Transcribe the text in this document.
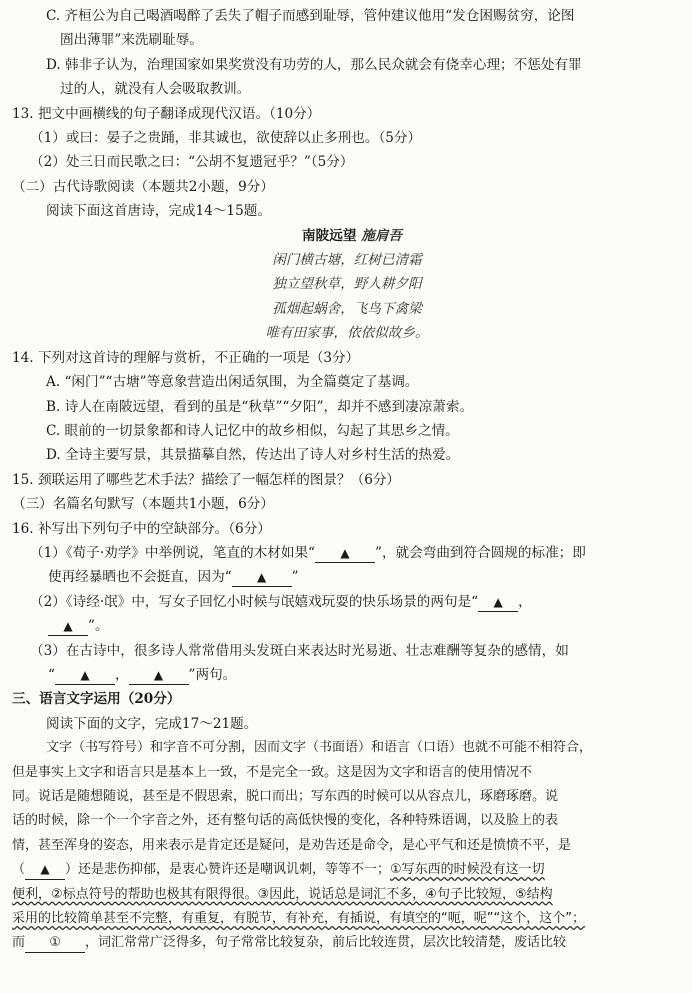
C. 齐桓公为自己喝酒喝醉了丢失了帽子而感到耻辱，管仲建议他用“发仓困赐贫穷，论图
圄出薄罪”来洗刷耻辱。
D. 韩非子认为，治理国家如果奖赏没有功劳的人，那么民众就会有侥幸心理；不惩处有罪
过的人，就没有人会吸取教训。
13. 把文中画横线的句子翻译成现代汉语。（10分）
（1）或曰：晏子之贵踊，非其诚也，欲使辞以止多刑也。（5分）
（2）处三日而民歌之曰：“公胡不复遗冠乎？”（5分）
（二）古代诗歌阅读（本题共2小题，9分）
阅读下面这首唐诗，完成14～15题。
南陂远望 施肩吾
闲门横古塘，红树已清霜
独立望秋草，野人耕夕阳
孤烟起蜗舍，飞鸟下禽梁
唯有田家事，依依似故乡。
14. 下列对这首诗的理解与赏析，不正确的一项是（3分）
A. “闲门”“古塘”等意象营造出闲适氛围，为全篇奠定了基调。
B. 诗人在南陂远望，看到的虽是“秋草”“夕阳”，却并不感到凄凉萧索。
C. 眼前的一切景象都和诗人记忆中的故乡相似，勾起了其思乡之情。
D. 全诗主要写景，其景描摹自然，传达出了诗人对乡村生活的热爱。
15. 颈联运用了哪些艺术手法？描绘了一幅怎样的图景？（6分）
（三）名篇名句默写（本题共1小题，6分）
16. 补写出下列句子中的空缺部分。（6分）
（1）《荀子·劝学》中举例说，笔直的木材如果“ ▲ ”，就会弯曲到符合圆规的标准；即
使再经暴晒也不会挺直，因为“ ▲ ”
（2）《诗经·氓》中，写女子回忆小时候与氓嬉戏玩耍的快乐场景的两句是“ ▲ ，
▲ ”。
（3）在古诗中，很多诗人常常借用头发斑白来表达时光易逝、壮志难酬等复杂的感情，如
“ ▲ ， ▲ ”两句。
三、语言文字运用（20分）
阅读下面的文字，完成17～21题。
文字（书写符号）和字音不可分割，因而文字（书面语）和语言（口语）也就不可能不相符合，
但是事实上文字和语言只是基本上一致，不是完全一致。这是因为文字和语言的使用情况不
同。说话是随想随说，甚至是不假思索，脱口而出；写东西的时候可以从容点儿，琢磨琢磨。说
话的时候，除一个一个字音之外，还有整句话的高低快慢的变化，各种特殊语调，以及脸上的表
情，甚至浑身的姿态，用来表示是肯定还是疑问，是劝告还是命令，是心平气和还是愤愤不平，是
（ ▲ ）还是悲伤抑郁，是衷心赞许还是嘲讽讥刺，等等不一；①写东西的时候没有这一切
便利，②标点符号的帮助也极其有限得很。③因此，说话总是词汇不多，④句子比较短，⑤结构
采用的比较简单甚至不完整，有重复，有脱节，有补充，有插说，有填空的“呃，呢”“这个，这个”；
而 ① ，词汇常常广泛得多，句子常常比较复杂，前后比较连贯，层次比较清楚，废话比较
